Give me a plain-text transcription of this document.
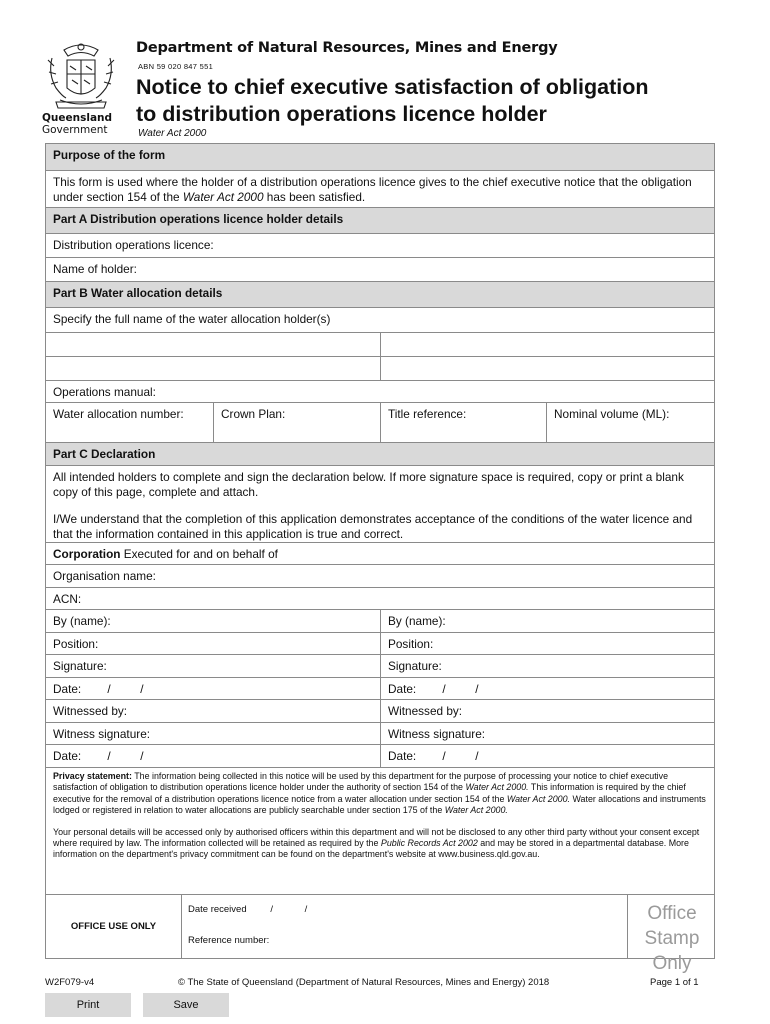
Queensland
Government
Department of Natural Resources, Mines and Energy
ABN 59 020 847 551
Notice to chief executive satisfaction of obligation
to distribution operations licence holder
Water Act 2000
Purpose of the form
This form is used where the holder of a distribution operations licence gives to the chief executive notice that the obligation under section 154 of the Water Act 2000 has been satisfied.
Part A Distribution operations licence holder details
Distribution operations licence:
Name of holder:
Part B Water allocation details
Specify the full name of the water allocation holder(s)
Operations manual:
Water allocation number:	Crown Plan:	Title reference:	Nominal volume (ML):
Part C Declaration
All intended holders to complete and sign the declaration below. If more signature space is required, copy or print a blank copy of this page, complete and attach.
I/We understand that the completion of this application demonstrates acceptance of the conditions of the water licence and that the information contained in this application is true and correct.
Corporation Executed for and on behalf of
Organisation name:
ACN:
By (name):	By (name):
Position:	Position:
Signature:	Signature:
Date:        /         /	Date:        /         /
Witnessed by:	Witnessed by:
Witness signature:	Witness signature:
Date:        /         /	Date:        /         /

Privacy statement: The information being collected in this notice will be used by this department for the purpose of processing your notice to chief executive satisfaction of obligation to distribution operations licence holder under the authority of section 154 of the Water Act 2000. This information is required by the chief executive for the removal of a distribution operations licence notice from a water allocation under section 154 of the Water Act 2000. Water allocations and instruments lodged or registered in relation to water allocations are publicly searchable under section 175 of the Water Act 2000.

Your personal details will be accessed only by authorised officers within this department and will not be disclosed to any other third party without your consent except where required by law. The information collected will be retained as required by the Public Records Act 2002 and may be stored in a departmental database. More information on the department's privacy commitment can be found on the department's website at www.business.qld.gov.au.

OFFICE USE ONLY
Date received         /            /
Reference number:
Office
Stamp Only
W2F079-v4	© The State of Queensland (Department of Natural Resources, Mines and Energy) 2018	Page 1 of 1
Print	Save
